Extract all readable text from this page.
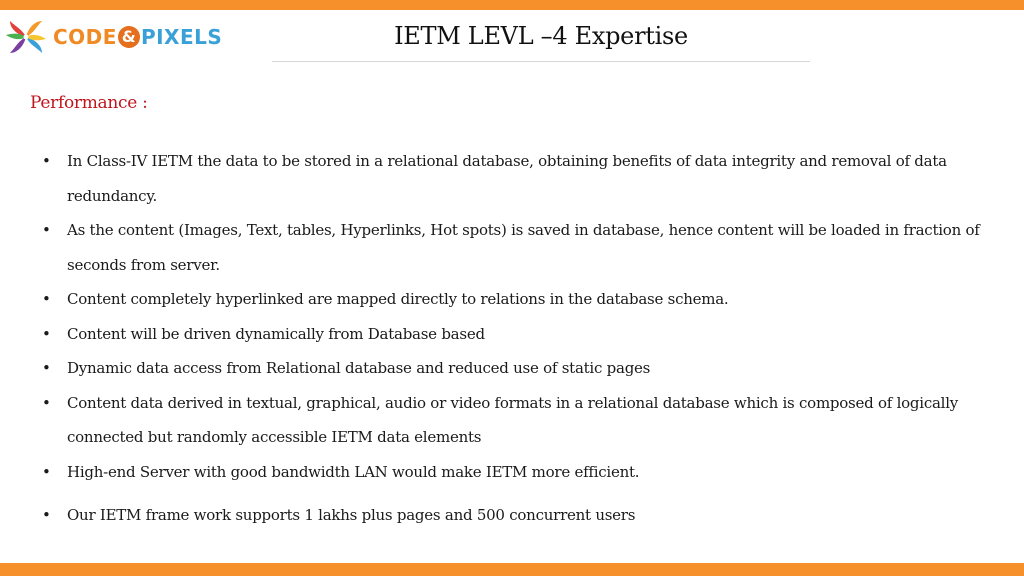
CODE & PIXELS	IETM LEVL –4 Expertise
Performance :
• In Class-IV IETM the data to be stored in a relational database, obtaining benefits of data integrity and removal of data redundancy.
• As the content (Images, Text, tables, Hyperlinks, Hot spots) is saved in database, hence content will be loaded in fraction of seconds from server.
• Content completely hyperlinked are mapped directly to relations in the database schema.
• Content will be driven dynamically from Database based
• Dynamic data access from Relational database and reduced use of static pages
• Content data derived in textual, graphical, audio or video formats in a relational database which is composed of logically connected but randomly accessible IETM data elements
• High-end Server with good bandwidth LAN would make IETM more efficient.
• Our IETM frame work supports 1 lakhs plus pages and 500 concurrent users
